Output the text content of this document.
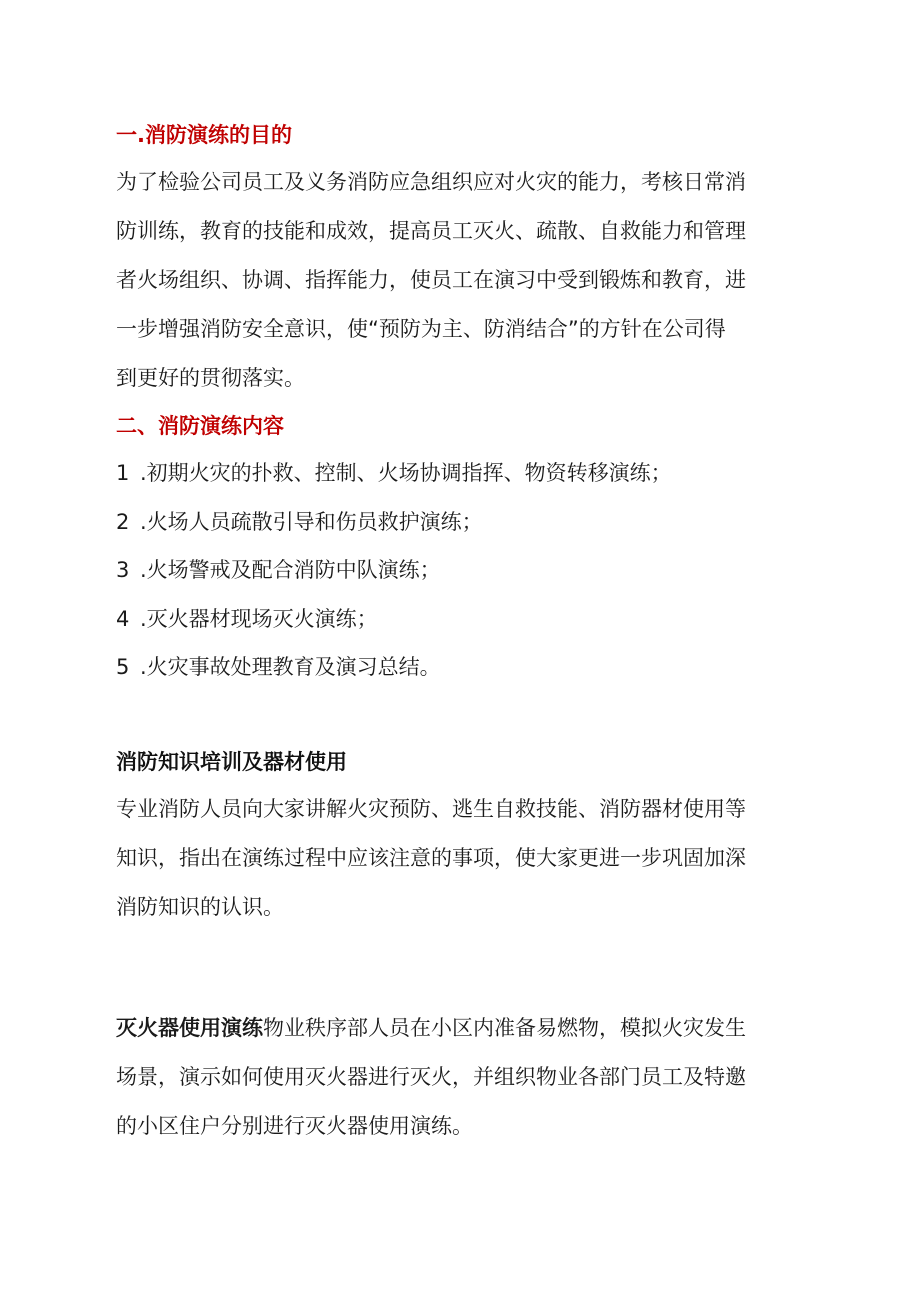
一.消防演练的目的

为了检验公司员工及义务消防应急组织应对火灾的能力，考核日常消
防训练，教育的技能和成效，提高员工灭火、疏散、自救能力和管理
者火场组织、协调、指挥能力，使员工在演习中受到锻炼和教育，进
一步增强消防安全意识，使“预防为主、防消结合”的方针在公司得
到更好的贯彻落实。

二、消防演练内容
1 .初期火灾的扑救、控制、火场协调指挥、物资转移演练；
2 .火场人员疏散引导和伤员救护演练；
3 .火场警戒及配合消防中队演练；
4 .灭火器材现场灭火演练；
5 .火灾事故处理教育及演习总结。
消防知识培训及器材使用

专业消防人员向大家讲解火灾预防、逃生自救技能、消防器材使用等
知识，指出在演练过程中应该注意的事项，使大家更进一步巩固加深
消防知识的认识。

灭火器使用演练物业秩序部人员在小区内准备易燃物，模拟火灾发生
场景，演示如何使用灭火器进行灭火，并组织物业各部门员工及特邀
的小区住户分别进行灭火器使用演练。
